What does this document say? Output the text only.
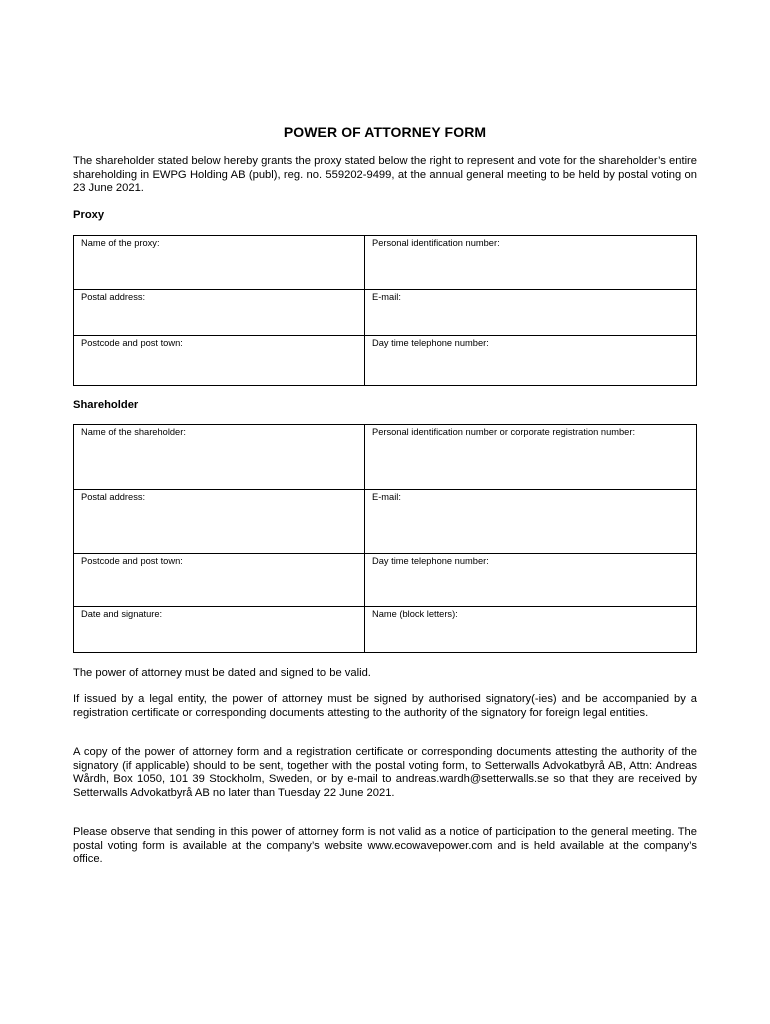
POWER OF ATTORNEY FORM
The shareholder stated below hereby grants the proxy stated below the right to represent and vote for the shareholder’s entire shareholding in EWPG Holding AB (publ), reg. no. 559202-9499, at the annual general meeting to be held by postal voting on 23 June 2021.
Proxy
Name of the proxy:	Personal identification number:
Postal address:	E-mail:
Postcode and post town:	Day time telephone number:
Shareholder
Name of the shareholder:	Personal identification number or corporate registration number:
Postal address:	E-mail:
Postcode and post town:	Day time telephone number:
Date and signature:	Name (block letters):
The power of attorney must be dated and signed to be valid.
If issued by a legal entity, the power of attorney must be signed by authorised signatory(-ies) and be accompanied by a registration certificate or corresponding documents attesting to the authority of the signatory for foreign legal entities.
A copy of the power of attorney form and a registration certificate or corresponding documents attesting the authority of the signatory (if applicable) should to be sent, together with the postal voting form, to Setterwalls Advokatbyrå AB, Attn: Andreas Wårdh, Box 1050, 101 39 Stockholm, Sweden, or by e-mail to andreas.wardh@setterwalls.se so that they are received by Setterwalls Advokatbyrå AB no later than Tuesday 22 June 2021.
Please observe that sending in this power of attorney form is not valid as a notice of participation to the general meeting. The postal voting form is available at the company’s website www.ecowavepower.com and is held available at the company’s office.
